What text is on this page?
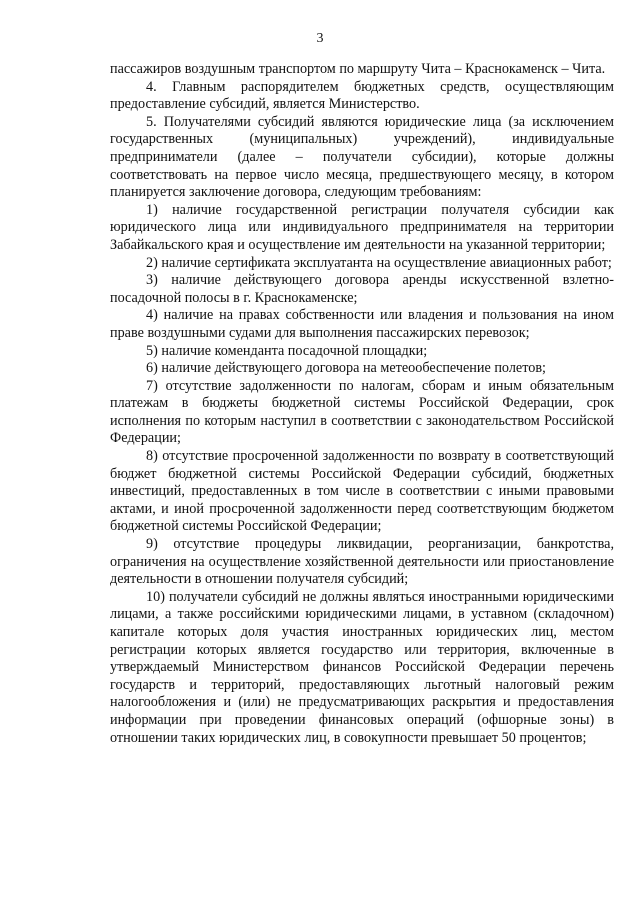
3

пассажиров воздушным транспортом по маршруту Чита – Краснокаменск – Чита.

4. Главным распорядителем бюджетных средств, осуществляющим предоставление субсидий, является Министерство.

5. Получателями субсидий являются юридические лица (за исключением государственных (муниципальных) учреждений), индивидуальные предприниматели (далее – получатели субсидии), которые должны соответствовать на первое число месяца, предшествующего месяцу, в котором планируется заключение договора, следующим требованиям:

1) наличие государственной регистрации получателя субсидии как юридического лица или индивидуального предпринимателя на территории Забайкальского края и осуществление им деятельности на указанной территории;

2) наличие сертификата эксплуатанта на осуществление авиационных работ;

3) наличие действующего договора аренды искусственной взлетно-посадочной полосы в г. Краснокаменске;

4) наличие на правах собственности или владения и пользования на ином праве воздушными судами для выполнения пассажирских перевозок;

5) наличие коменданта посадочной площадки;

6) наличие действующего договора на метеообеспечение полетов;

7) отсутствие задолженности по налогам, сборам и иным обязательным платежам в бюджеты бюджетной системы Российской Федерации, срок исполнения по которым наступил в соответствии с законодательством Российской Федерации;

8) отсутствие просроченной задолженности по возврату в соответствующий бюджет бюджетной системы Российской Федерации субсидий, бюджетных инвестиций, предоставленных в том числе в соответствии с иными правовыми актами, и иной просроченной задолженности перед соответствующим бюджетом бюджетной системы Российской Федерации;

9) отсутствие процедуры ликвидации, реорганизации, банкротства, ограничения на осуществление хозяйственной деятельности или приостановление деятельности в отношении получателя субсидий;

10) получатели субсидий не должны являться иностранными юридическими лицами, а также российскими юридическими лицами, в уставном (складочном) капитале которых доля участия иностранных юридических лиц, местом регистрации которых является государство или территория, включенные в утверждаемый Министерством финансов Российской Федерации перечень государств и территорий, предоставляющих льготный налоговый режим налогообложения и (или) не предусматривающих раскрытия и предоставления информации при проведении финансовых операций (офшорные зоны) в отношении таких юридических лиц, в совокупности превышает 50 процентов;
